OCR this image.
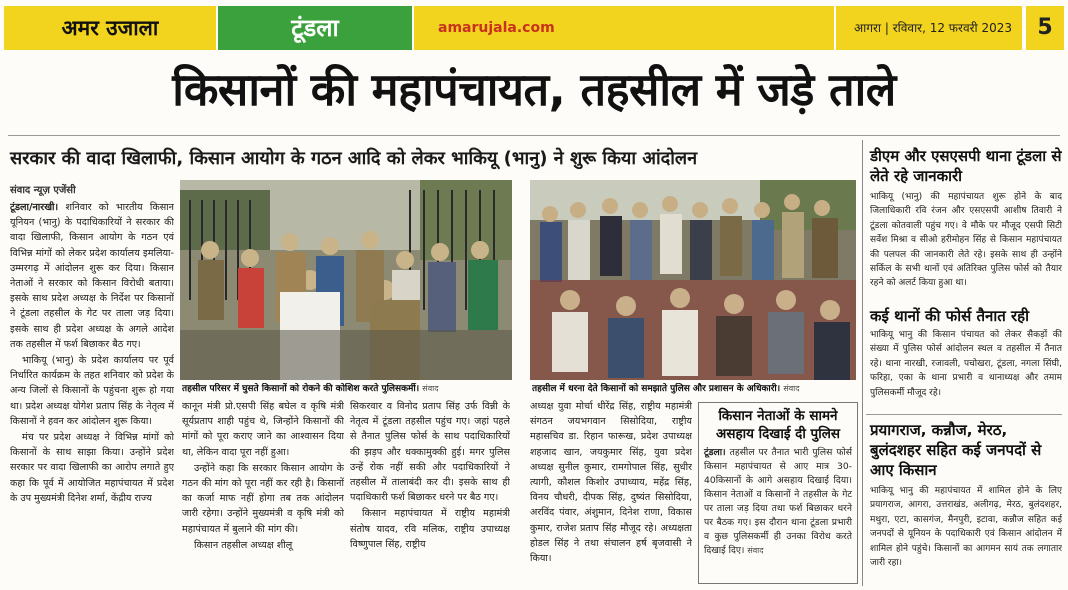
अमर उजाला	टूंडला	amarujala.com	आगरा | रविवार, 12 फरवरी 2023	5
किसानों की महापंचायत, तहसील में जड़े ताले
सरकार की वादा खिलाफी, किसान आयोग के गठन आदि को लेकर भाकियू (भानु) ने शुरू किया आंदोलन
संवाद न्यूज़ एजेंसी

टूंडला/नारखी। शनिवार को भारतीय किसान यूनियन (भानु) के पदाधिकारियों ने सरकार की वादा खिलाफी, किसान आयोग के गठन एवं विभिन्न मांगों को लेकर प्रदेश कार्यालय इमलिया-उम्मरगढ़ में आंदोलन शुरू कर दिया। किसान नेताओं ने सरकार को किसान विरोधी बताया। इसके साथ प्रदेश अध्यक्ष के निर्देश पर किसानों ने टूंडला तहसील के गेट पर ताला जड़ दिया। इसके साथ ही प्रदेश अध्यक्ष के अगले आदेश तक तहसील में फर्श बिछाकर बैठ गए।

भाकियू (भानु) के प्रदेश कार्यालय पर पूर्व निर्धारित कार्यक्रम के तहत शनिवार को प्रदेश के अन्य जिलों से किसानों के पहुंचना शुरू हो गया था। प्रदेश अध्यक्ष योगेश प्रताप सिंह के नेतृत्व में किसानों ने हवन कर आंदोलन शुरू किया।

मंच पर प्रदेश अध्यक्ष ने विभिन्न मांगों को किसानों के साथ साझा किया। उन्होंने प्रदेश सरकार पर वादा खिलाफी का आरोप लगाते हुए कहा कि पूर्व में आयोजित महापंचायत में प्रदेश के उप मुख्यमंत्री दिनेश शर्मा, केंद्रीय राज्य

तहसील परिसर में घुसते किसानों को रोकने की कोशिश करते पुलिसकर्मी। संवाद	तहसील में धरना देते किसानों को समझाते पुलिस और प्रशासन के अधिकारी। संवाद

कानून मंत्री प्रो.एसपी सिंह बघेल व कृषि मंत्री सूर्यप्रताप शाही पहुंच थे, जिन्होंने किसानों की मांगों को पूरा कराए जाने का आश्वासन दिया था, लेकिन वादा पूरा नहीं हुआ।

उन्होंने कहा कि सरकार किसान आयोग के गठन की मांग को पूरा नहीं कर रही है। किसानों का कर्जा माफ नहीं होगा तब तक आंदोलन जारी रहेगा। उन्होंने मुख्यमंत्री व कृषि मंत्री को महापंचायत में बुलाने की मांग की।

किसान तहसील अध्यक्ष शीलू

सिकरवार व विनोद प्रताप सिंह उर्फ विन्नी के नेतृत्व में टूंडला तहसील पहुंच गए। जहां पहले से तैनात पुलिस फोर्स के साथ पदाधिकारियों की झड़प और धक्कामुक्की हुई। मगर पुलिस उन्हें रोक नहीं सकी और पदाधिकारियों ने तहसील में तालाबंदी कर दी। इसके साथ ही पदाधिकारी फर्श बिछाकर धरने पर बैठ गए।

किसान महापंचायत में राष्ट्रीय महामंत्री संतोष यादव, रवि मलिक, राष्ट्रीय उपाध्यक्ष विष्णुपाल सिंह, राष्ट्रीय

अध्यक्ष युवा मोर्चा धीरेंद्र सिंह, राष्ट्रीय महामंत्री संगठन जयभगवान सिसोदिया, राष्ट्रीय महासचिव डा. रिहान फारूख, प्रदेश उपाध्यक्ष शहजाद खान, जयकुमार सिंह, युवा प्रदेश अध्यक्ष सुनील कुमार, रामगोपाल सिंह, सुधीर त्यागी, कौशल किशोर उपाध्याय, महेंद्र सिंह, विनय चौधरी, दीपक सिंह, दुष्यंत सिसोदिया, अरविंद पंवार, अंशुमान, दिनेश राणा, विकास कुमार, राजेश प्रताप सिंह मौजूद रहे। अध्यक्षता होडल सिंह ने तथा संचालन हर्ष बृजवासी ने किया।

किसान नेताओं के सामने असहाय दिखाई दी पुलिस
टूंडला। तहसील पर तैनात भारी पुलिस फोर्स किसान महापंचायत से आए मात्र 30-40किसानों के आगे असहाय दिखाई दिया। किसान नेताओं व किसानों ने तहसील के गेट पर ताला जड़ दिया तथा फर्श बिछाकर धरने पर बैठक गए। इस दौरान थाना टूंडला प्रभारी व कुछ पुलिसकर्मी ही उनका विरोध करते दिखाई दिए। संवाद
डीएम और एसएसपी थाना टूंडला से लेते रहे जानकारी
भाकियू (भानु) की महापंचायत शुरू होने के बाद जिलाधिकारी रवि रंजन और एसएसपी आशीष तिवारी ने टूंडला कोतवाली पहुंच गए। वे मौके पर मौजूद एसपी सिटी सर्वेश मिश्रा व सीओ हरीमोहन सिंह से किसान महापंचायत की पलपल की जानकारी लेते रहे। इसके साथ ही उन्होंने सर्किल के सभी थानों एवं अतिरिक्त पुलिस फोर्स को तैयार रहने को अलर्ट किया हुआ था।
कई थानों की फोर्स तैनात रही
भाकियू भानु की किसान पंचायत को लेकर सैकड़ों की संख्या में पुलिस फोर्स आंदोलन स्थल व तहसील में तैनात रहे। थाना नारखी, रजावली, पचोखरा, टूंडला, नगला सिंघी, फरिहा, एका के थाना प्रभारी व थानाध्यक्ष और तमाम पुलिसकर्मी मौजूद रहे।
प्रयागराज, कन्नौज, मेरठ, बुलंदशहर सहित कई जनपदों से आए किसान
भाकियू भानु की महापंचायत में शामिल होने के लिए प्रयागराज, आगरा, उत्तराखंड, अलीगढ़, मेरठ, बुलंदशहर, मथुरा, एटा, कासगंज, मैनपुरी, इटावा, कन्नौज सहित कई जनपदों से यूनियन के पदाधिकारी एवं किसान आंदोलन में शामिल होने पहुंचे। किसानों का आगमन सायं तक लगातार जारी रहा।
